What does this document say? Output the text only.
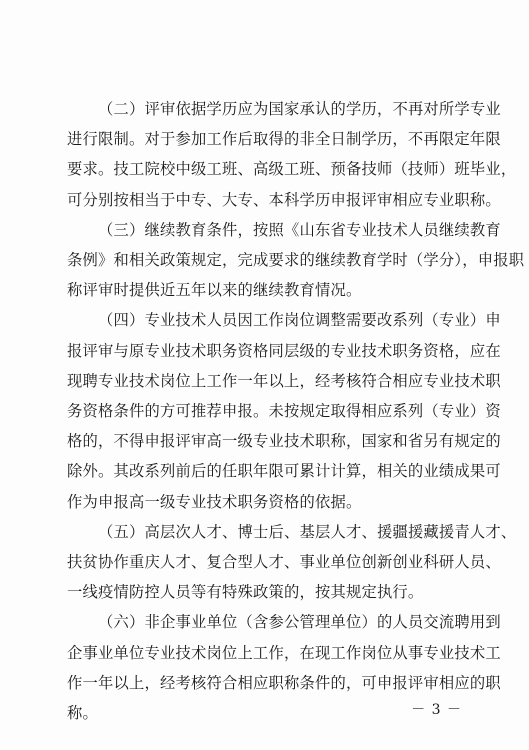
（二）评审依据学历应为国家承认的学历，不再对所学专业
进行限制。对于参加工作后取得的非全日制学历，不再限定年限
要求。技工院校中级工班、高级工班、预备技师（技师）班毕业，
可分别按相当于中专、大专、本科学历申报评审相应专业职称。

（三）继续教育条件，按照《山东省专业技术人员继续教育
条例》和相关政策规定，完成要求的继续教育学时（学分），申报职
称评审时提供近五年以来的继续教育情况。

（四）专业技术人员因工作岗位调整需要改系列（专业）申
报评审与原专业技术职务资格同层级的专业技术职务资格，应在
现聘专业技术岗位上工作一年以上，经考核符合相应专业技术职
务资格条件的方可推荐申报。未按规定取得相应系列（专业）资
格的，不得申报评审高一级专业技术职称，国家和省另有规定的
除外。其改系列前后的任职年限可累计计算，相关的业绩成果可
作为申报高一级专业技术职务资格的依据。

（五）高层次人才、博士后、基层人才、援疆援藏援青人才、
扶贫协作重庆人才、复合型人才、事业单位创新创业科研人员、
一线疫情防控人员等有特殊政策的，按其规定执行。

（六）非企事业单位（含参公管理单位）的人员交流聘用到
企事业单位专业技术岗位上工作，在现工作岗位从事专业技术工
作一年以上，经考核符合相应职称条件的，可申报评审相应的职
称。	－ 3 －
